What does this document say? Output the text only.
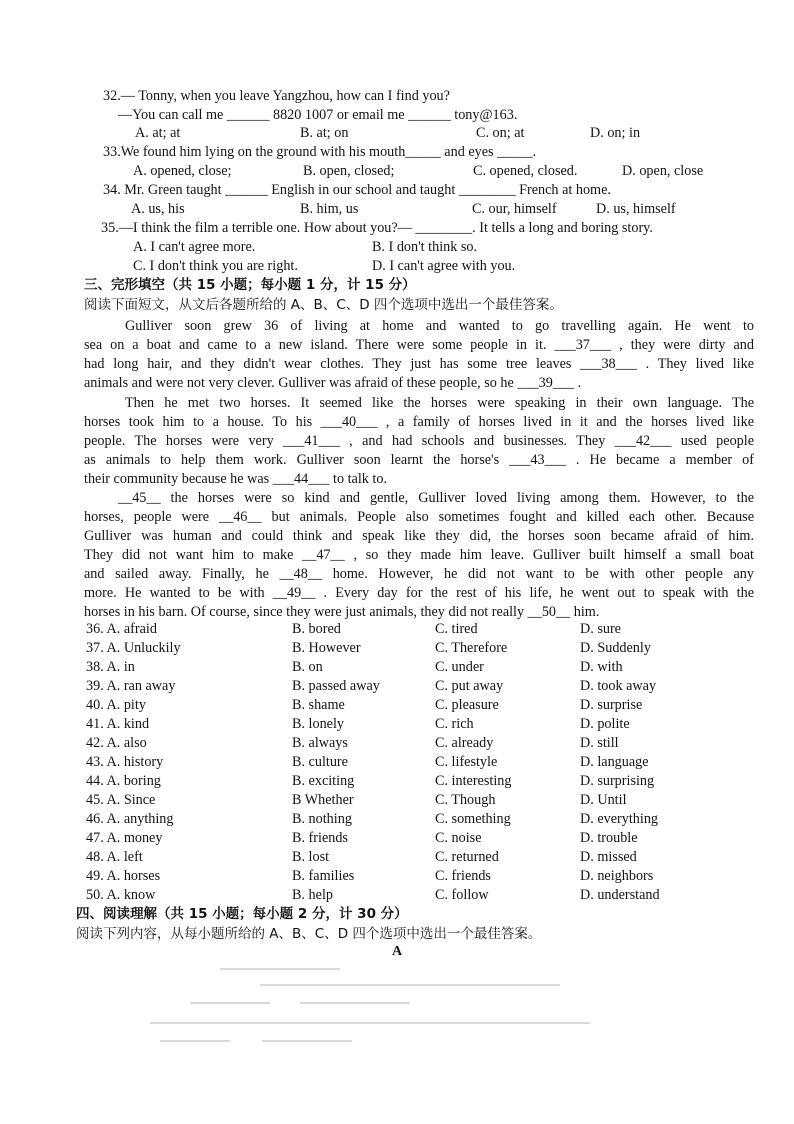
32.— Tonny, when you leave Yangzhou, how can I find you?
—You can call me ______ 8820 1007 or email me ______ tony@163.
A. at; at	B. at; on	C. on; at	D. on; in
33.We found him lying on the ground with his mouth_____ and eyes _____.
A. opened, close;	B. open, closed;	C. opened, closed.	D. open, close
34. Mr. Green taught ______ English in our school and taught ________ French at home.
A. us, his	B. him, us	C. our, himself	D. us, himself
35.—I think the film a terrible one. How about you?— ________. It tells a long and boring story.
A. I can't agree more.	B. I don't think so.
C. I don't think you are right.	D. I can't agree with you.
三、完形填空（共 15 小题；每小题 1 分，计 15 分）
阅读下面短文，从文后各题所给的 A、B、C、D 四个选项中选出一个最佳答案。
Gulliver soon grew 36 of living at home and wanted to go travelling again. He went to
sea on a boat and came to a new island. There were some people in it. ___37___ , they were dirty and
had long hair, and they didn't wear clothes. They just has some tree leaves ___38___ . They lived like
animals and were not very clever. Gulliver was afraid of these people, so he ___39___ .
Then he met two horses. It seemed like the horses were speaking in their own language. The
horses took him to a house. To his ___40___ , a family of horses lived in it and the horses lived like
people. The horses were very ___41___ , and had schools and businesses. They ___42___ used people
as animals to help them work. Gulliver soon learnt the horse's ___43___ . He became a member of
their community because he was ___44___ to talk to.
__45__ the horses were so kind and gentle, Gulliver loved living among them. However, to the
horses, people were __46__ but animals. People also sometimes fought and killed each other. Because
Gulliver was human and could think and speak like they did, the horses soon became afraid of him.
They did not want him to make __47__ , so they made him leave. Gulliver built himself a small boat
and sailed away. Finally, he __48__ home. However, he did not want to be with other people any
more. He wanted to be with __49__ . Every day for the rest of his life, he went out to speak with the
horses in his barn. Of course, since they were just animals, they did not really __50__ him.
36. A. afraid	B. bored	C. tired	D. sure
37. A. Unluckily	B. However	C. Therefore	D. Suddenly
38. A. in	B. on	C. under	D. with
39. A. ran away	B. passed away	C. put away	D. took away
40. A. pity	B. shame	C. pleasure	D. surprise
41. A. kind	B. lonely	C. rich	D. polite
42. A. also	B. always	C. already	D. still
43. A. history	B. culture	C. lifestyle	D. language
44. A. boring	B. exciting	C. interesting	D. surprising
45. A. Since	B Whether	C. Though	D. Until
46. A. anything	B. nothing	C. something	D. everything
47. A. money	B. friends	C. noise	D. trouble
48. A. left	B. lost	C. returned	D. missed
49. A. horses	B. families	C. friends	D. neighbors
50. A. know	B. help	C. follow	D. understand
四、阅读理解（共 15 小题；每小题 2 分，计 30 分）
阅读下列内容，从每小题所给的 A、B、C、D 四个选项中选出一个最佳答案。
A
